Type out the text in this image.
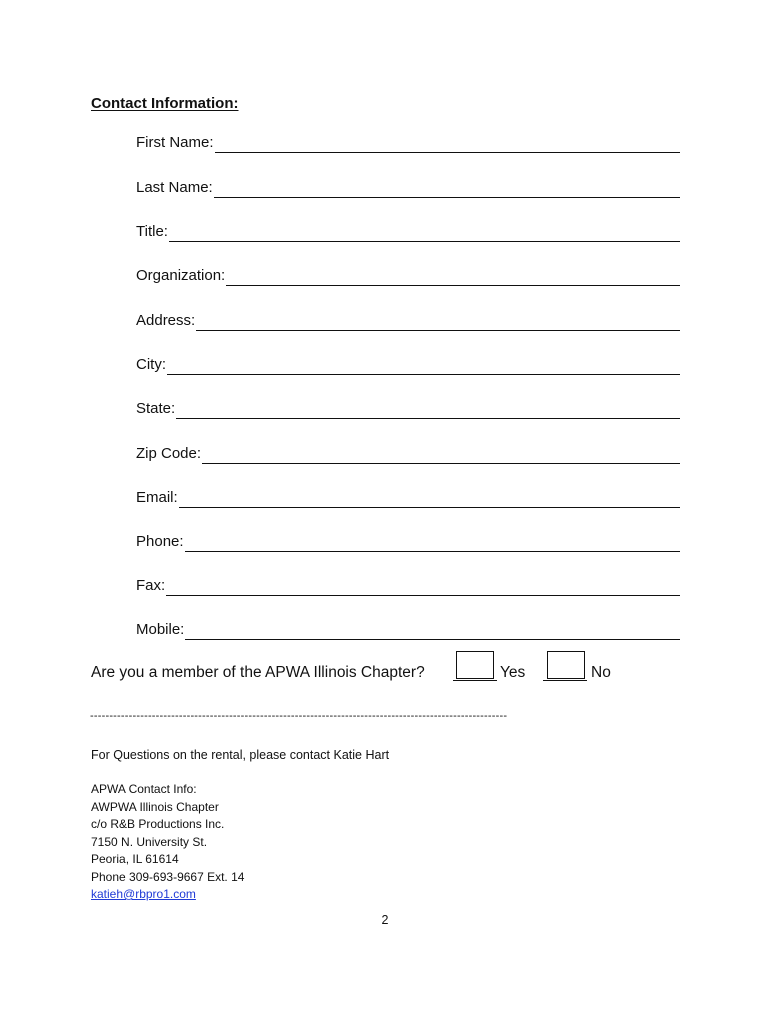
Contact Information:
First Name:
Last Name:
Title:
Organization:
Address:
City:
State:
Zip Code:
Email:
Phone:
Fax:
Mobile:
Are you a member of the APWA Illinois Chapter?	Yes	No
------------------------------------------------------------------------------------------------------------
For Questions on the rental, please contact Katie Hart
APWA Contact Info:
AWPWA Illinois Chapter
c/o R&B Productions Inc.
7150 N. University St.
Peoria, IL 61614
Phone 309-693-9667 Ext. 14
katieh@rbpro1.com
2
